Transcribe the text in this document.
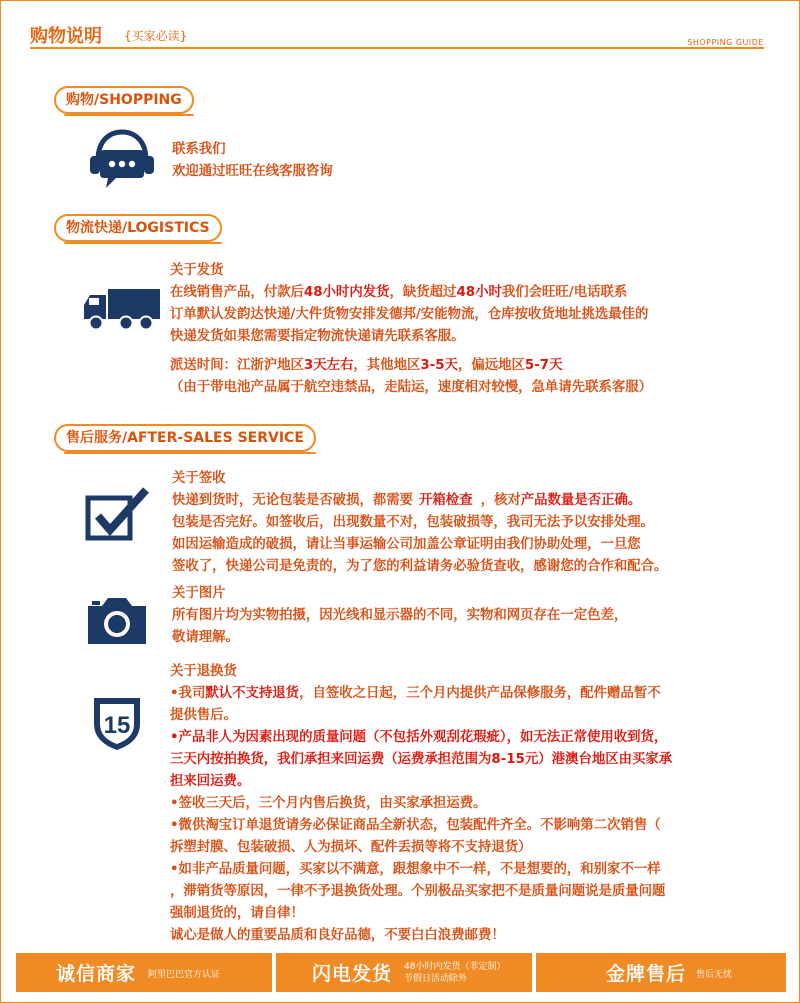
购物说明 {买家必读}	SHOPPING GUIDE
购物/SHOPPING
联系我们
欢迎通过旺旺在线客服咨询
物流快递/LOGISTICS
关于发货
在线销售产品，付款后48小时内发货，缺货超过48小时我们会旺旺/电话联系
订单默认发韵达快递/大件货物安排发德邦/安能物流，仓库按收货地址挑选最佳的
快递发货如果您需要指定物流快递请先联系客服。
派送时间：江浙沪地区3天左右，其他地区3-5天，偏远地区5-7天
（由于带电池产品属于航空违禁品，走陆运，速度相对较慢，急单请先联系客服）
售后服务/AFTER-SALES SERVICE
关于签收
快递到货时，无论包装是否破损，都需要 开箱检查 ，核对产品数量是否正确。
包装是否完好。如签收后，出现数量不对，包装破损等，我司无法予以安排处理。
如因运输造成的破损，请让当事运输公司加盖公章证明由我们协助处理，一旦您
签收了，快递公司是免责的，为了您的利益请务必验货查收，感谢您的合作和配合。
关于图片
所有图片均为实物拍摄，因光线和显示器的不同，实物和网页存在一定色差，
敬请理解。
15
关于退换货
•我司默认不支持退货，自签收之日起，三个月内提供产品保修服务，配件赠品暂不
提供售后。
•产品非人为因素出现的质量问题（不包括外观刮花瑕疵），如无法正常使用收到货，
三天内按拍换货，我们承担来回运费（运费承担范围为8-15元）港澳台地区由买家承
担来回运费。
•签收三天后，三个月内售后换货，由买家承担运费。
•微供淘宝订单退货请务必保证商品全新状态，包装配件齐全。不影响第二次销售（
拆塑封膜、包装破损、人为损坏、配件丢损等将不支持退货）
•如非产品质量问题，买家以不满意，跟想象中不一样，不是想要的，和别家不一样
，滞销货等原因，一律不予退换货处理。个别极品买家把不是质量问题说是质量问题
强制退货的，请自律！
诚心是做人的重要品质和良好品德，不要白白浪费邮费！
诚信商家 阿里巴巴官方认证	闪电发货 48小时内发货（非定制）
节假日活动除外	金牌售后 售后无忧
